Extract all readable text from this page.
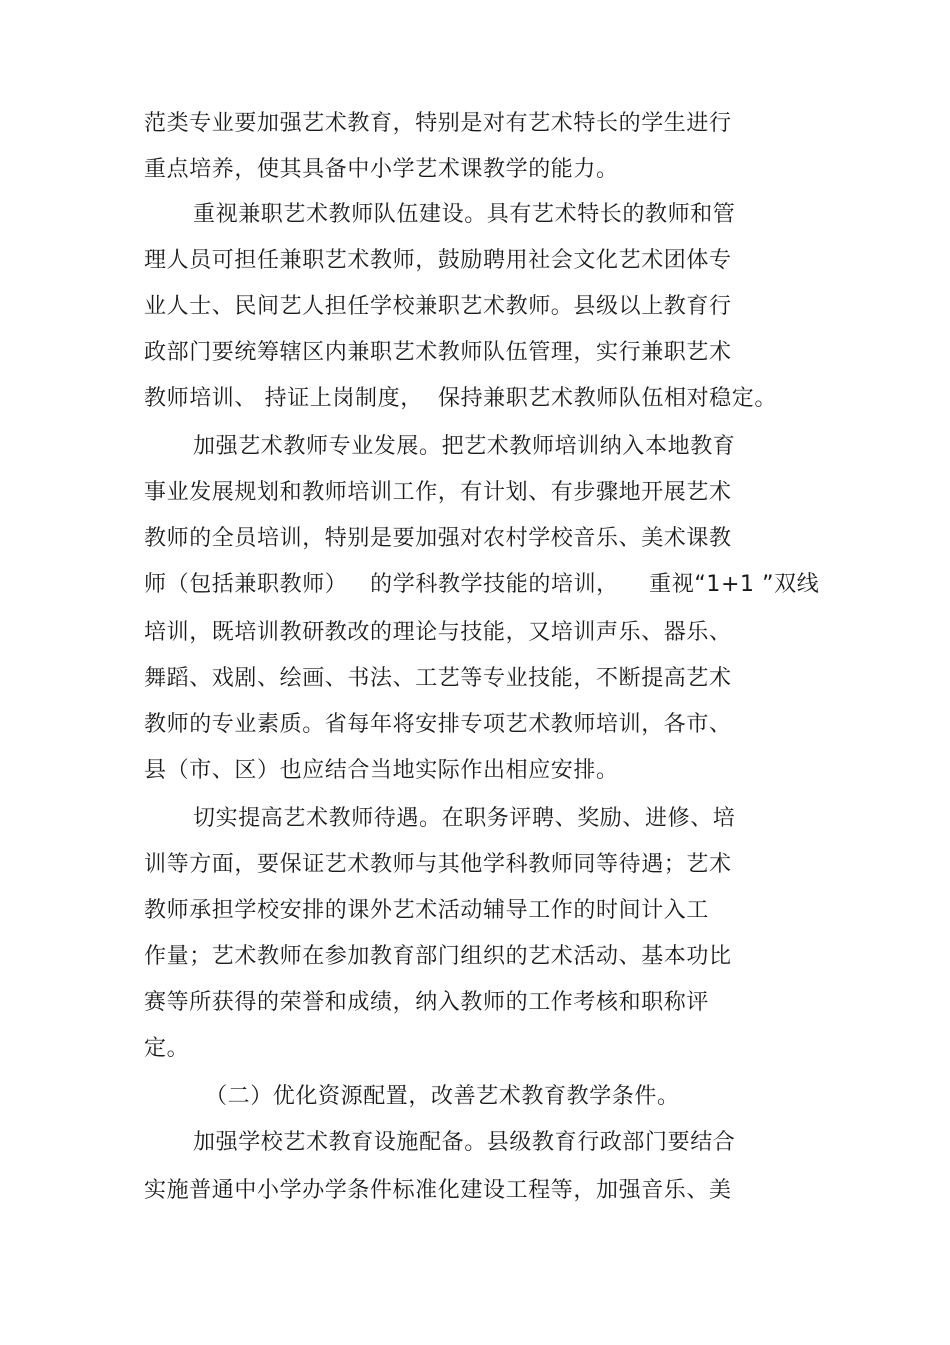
范类专业要加强艺术教育，特别是对有艺术特长的学生进行

重点培养，使其具备中小学艺术课教学的能力。

重视兼职艺术教师队伍建设。具有艺术特长的教师和管

理人员可担任兼职艺术教师，鼓励聘用社会文化艺术团体专

业人士、民间艺人担任学校兼职艺术教师。县级以上教育行

政部门要统筹辖区内兼职艺术教师队伍管理，实行兼职艺术

教师培训、 持证上岗制度，  保持兼职艺术教师队伍相对稳定。

加强艺术教师专业发展。把艺术教师培训纳入本地教育

事业发展规划和教师培训工作，有计划、有步骤地开展艺术

教师的全员培训，特别是要加强对农村学校音乐、美术课教

师（包括兼职教师）   的学科教学技能的培训，    重视“1+1 ”双线

培训，既培训教研教改的理论与技能，又培训声乐、器乐、

舞蹈、戏剧、绘画、书法、工艺等专业技能，不断提高艺术

教师的专业素质。省每年将安排专项艺术教师培训，各市、

县（市、区）也应结合当地实际作出相应安排。

切实提高艺术教师待遇。在职务评聘、奖励、进修、培

训等方面，要保证艺术教师与其他学科教师同等待遇；艺术

教师承担学校安排的课外艺术活动辅导工作的时间计入工

作量；艺术教师在参加教育部门组织的艺术活动、基本功比

赛等所获得的荣誉和成绩，纳入教师的工作考核和职称评

定。

（二）优化资源配置，改善艺术教育教学条件。

加强学校艺术教育设施配备。县级教育行政部门要结合

实施普通中小学办学条件标准化建设工程等，加强音乐、美
